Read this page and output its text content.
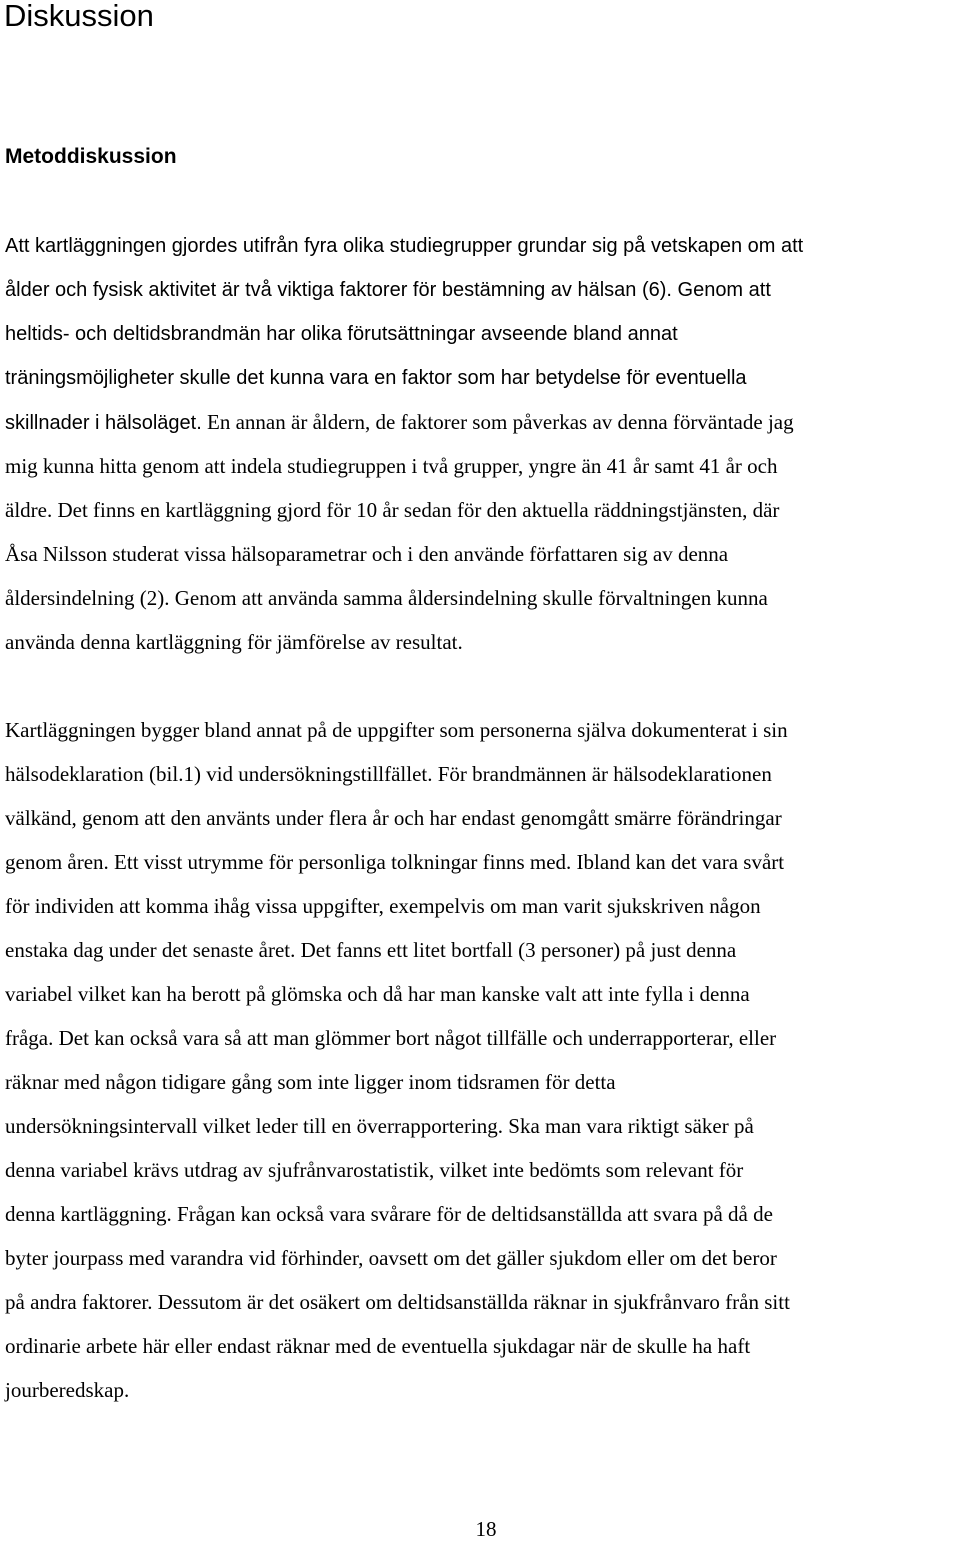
Diskussion
Metoddiskussion

Att kartläggningen gjordes utifrån fyra olika studiegrupper grundar sig på vetskapen om att
ålder och fysisk aktivitet är två viktiga faktorer för bestämning av hälsan (6). Genom att
heltids- och deltidsbrandmän har olika förutsättningar avseende bland annat
träningsmöjligheter skulle det kunna vara en faktor som har betydelse för eventuella
skillnader i hälsoläget. En annan är åldern, de faktorer som påverkas av denna förväntade jag
mig kunna hitta genom att indela studiegruppen i två grupper, yngre än 41 år samt 41 år och
äldre. Det finns en kartläggning gjord för 10 år sedan för den aktuella räddningstjänsten, där
Åsa Nilsson studerat vissa hälsoparametrar och i den använde författaren sig av denna
åldersindelning (2). Genom att använda samma åldersindelning skulle förvaltningen kunna
använda denna kartläggning för jämförelse av resultat.

Kartläggningen bygger bland annat på de uppgifter som personerna själva dokumenterat i sin
hälsodeklaration (bil.1) vid undersökningstillfället. För brandmännen är hälsodeklarationen
välkänd, genom att den använts under flera år och har endast genomgått smärre förändringar
genom åren. Ett visst utrymme för personliga tolkningar finns med. Ibland kan det vara svårt
för individen att komma ihåg vissa uppgifter, exempelvis om man varit sjukskriven någon
enstaka dag under det senaste året. Det fanns ett litet bortfall (3 personer) på just denna
variabel vilket kan ha berott på glömska och då har man kanske valt att inte fylla i denna
fråga. Det kan också vara så att man glömmer bort något tillfälle och underrapporterar, eller
räknar med någon tidigare gång som inte ligger inom tidsramen för detta
undersökningsintervall vilket leder till en överrapportering. Ska man vara riktigt säker på
denna variabel krävs utdrag av sjufrånvarostatistik, vilket inte bedömts som relevant för
denna kartläggning. Frågan kan också vara svårare för de deltidsanställda att svara på då de
byter jourpass med varandra vid förhinder, oavsett om det gäller sjukdom eller om det beror
på andra faktorer. Dessutom är det osäkert om deltidsanställda räknar in sjukfrånvaro från sitt
ordinarie arbete här eller endast räknar med de eventuella sjukdagar när de skulle ha haft
jourberedskap.

18
